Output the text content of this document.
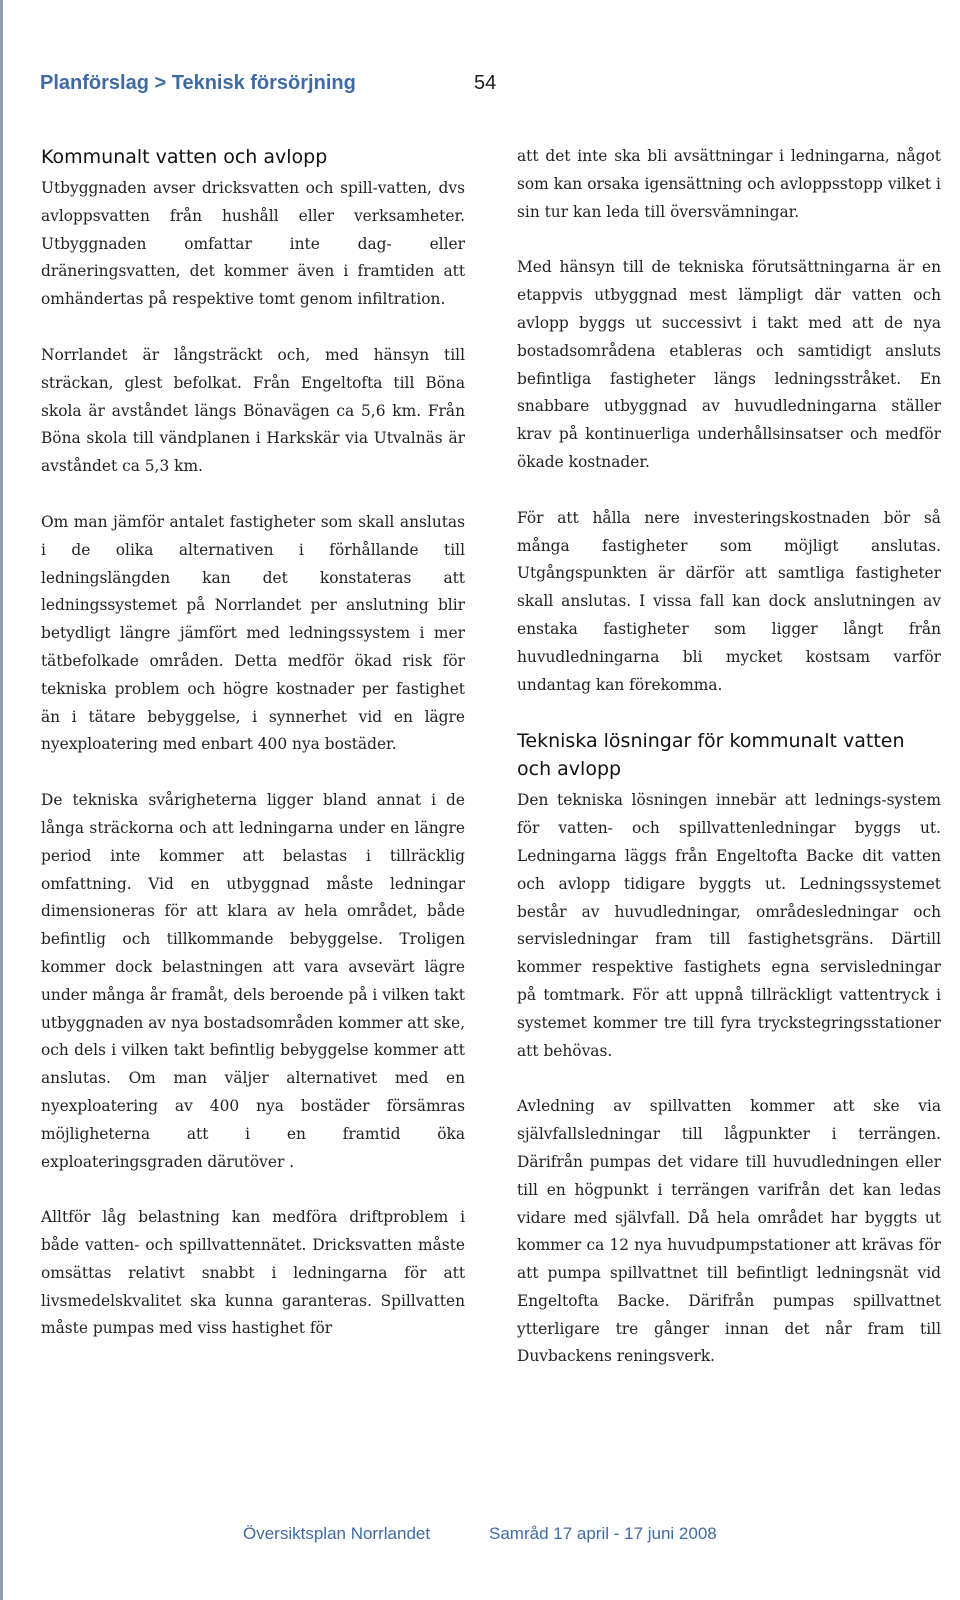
Planförslag > Teknisk försörjning	54
Kommunalt vatten och avlopp

Utbyggnaden avser dricksvatten och spill-vatten, dvs avloppsvatten från hushåll eller verksamheter. Utbyggnaden omfattar inte dag- eller dräneringsvatten, det kommer även i framtiden att omhändertas på respektive tomt genom infiltration.

Norrlandet är långsträckt och, med hänsyn till sträckan, glest befolkat. Från Engeltofta till Böna skola är avståndet längs Bönavägen ca 5,6 km. Från Böna skola till vändplanen i Harkskär via Utvalnäs är avståndet ca 5,3 km.

Om man jämför antalet fastigheter som skall anslutas i de olika alternativen i förhållande till ledningslängden kan det konstateras att ledningssystemet på Norrlandet per anslutning blir betydligt längre jämfört med ledningssystem i mer tätbefolkade områden. Detta medför ökad risk för tekniska problem och högre kostnader per fastighet än i tätare bebyggelse, i synnerhet vid en lägre nyexploatering med enbart 400 nya bostäder.

De tekniska svårigheterna ligger bland annat i de långa sträckorna och att ledningarna under en längre period inte kommer att belastas i tillräcklig omfattning. Vid en utbyggnad måste ledningar dimensioneras för att klara av hela området, både befintlig och tillkommande bebyggelse. Troligen kommer dock belastningen att vara avsevärt lägre under många år framåt, dels beroende på i vilken takt utbyggnaden av nya bostadsområden kommer att ske, och dels i vilken takt befintlig bebyggelse kommer att anslutas. Om man väljer alternativet med en nyexploatering av 400 nya bostäder försämras möjligheterna att i en framtid öka exploateringsgraden därutöver .

Alltför låg belastning kan medföra driftproblem i både vatten- och spillvattennätet. Dricksvatten måste omsättas relativt snabbt i ledningarna för att livsmedelskvalitet ska kunna garanteras. Spillvatten måste pumpas med viss hastighet för

att det inte ska bli avsättningar i ledningarna, något som kan orsaka igensättning och avloppsstopp vilket i sin tur kan leda till översvämningar.

Med hänsyn till de tekniska förutsättningarna är en etappvis utbyggnad mest lämpligt där vatten och avlopp byggs ut successivt i takt med att de nya bostadsområdena etableras och samtidigt ansluts befintliga fastigheter längs ledningsstråket. En snabbare utbyggnad av huvudledningarna ställer krav på kontinuerliga underhållsinsatser och medför ökade kostnader.

För att hålla nere investeringskostnaden bör så många fastigheter som möjligt anslutas. Utgångspunkten är därför att samtliga fastigheter skall anslutas. I vissa fall kan dock anslutningen av enstaka fastigheter som ligger långt från huvudledningarna bli mycket kostsam varför undantag kan förekomma.

Tekniska lösningar för kommunalt vatten och avlopp

Den tekniska lösningen innebär att lednings-system för vatten- och spillvattenledningar byggs ut. Ledningarna läggs från Engeltofta Backe dit vatten och avlopp tidigare byggts ut. Ledningssystemet består av huvudledningar, områdesledningar och servisledningar fram till fastighetsgräns. Därtill kommer respektive fastighets egna servisledningar på tomtmark. För att uppnå tillräckligt vattentryck i systemet kommer tre till fyra tryckstegringsstationer att behövas.

Avledning av spillvatten kommer att ske via självfallsledningar till lågpunkter i terrängen. Därifrån pumpas det vidare till huvudledningen eller till en högpunkt i terrängen varifrån det kan ledas vidare med självfall. Då hela området har byggts ut kommer ca 12 nya huvudpumpstationer att krävas för att pumpa spillvattnet till befintligt ledningsnät vid Engeltofta Backe. Därifrån pumpas spillvattnet ytterligare tre gånger innan det når fram till Duvbackens reningsverk.

Översiktsplan Norrlandet	Samråd 17 april - 17 juni 2008
